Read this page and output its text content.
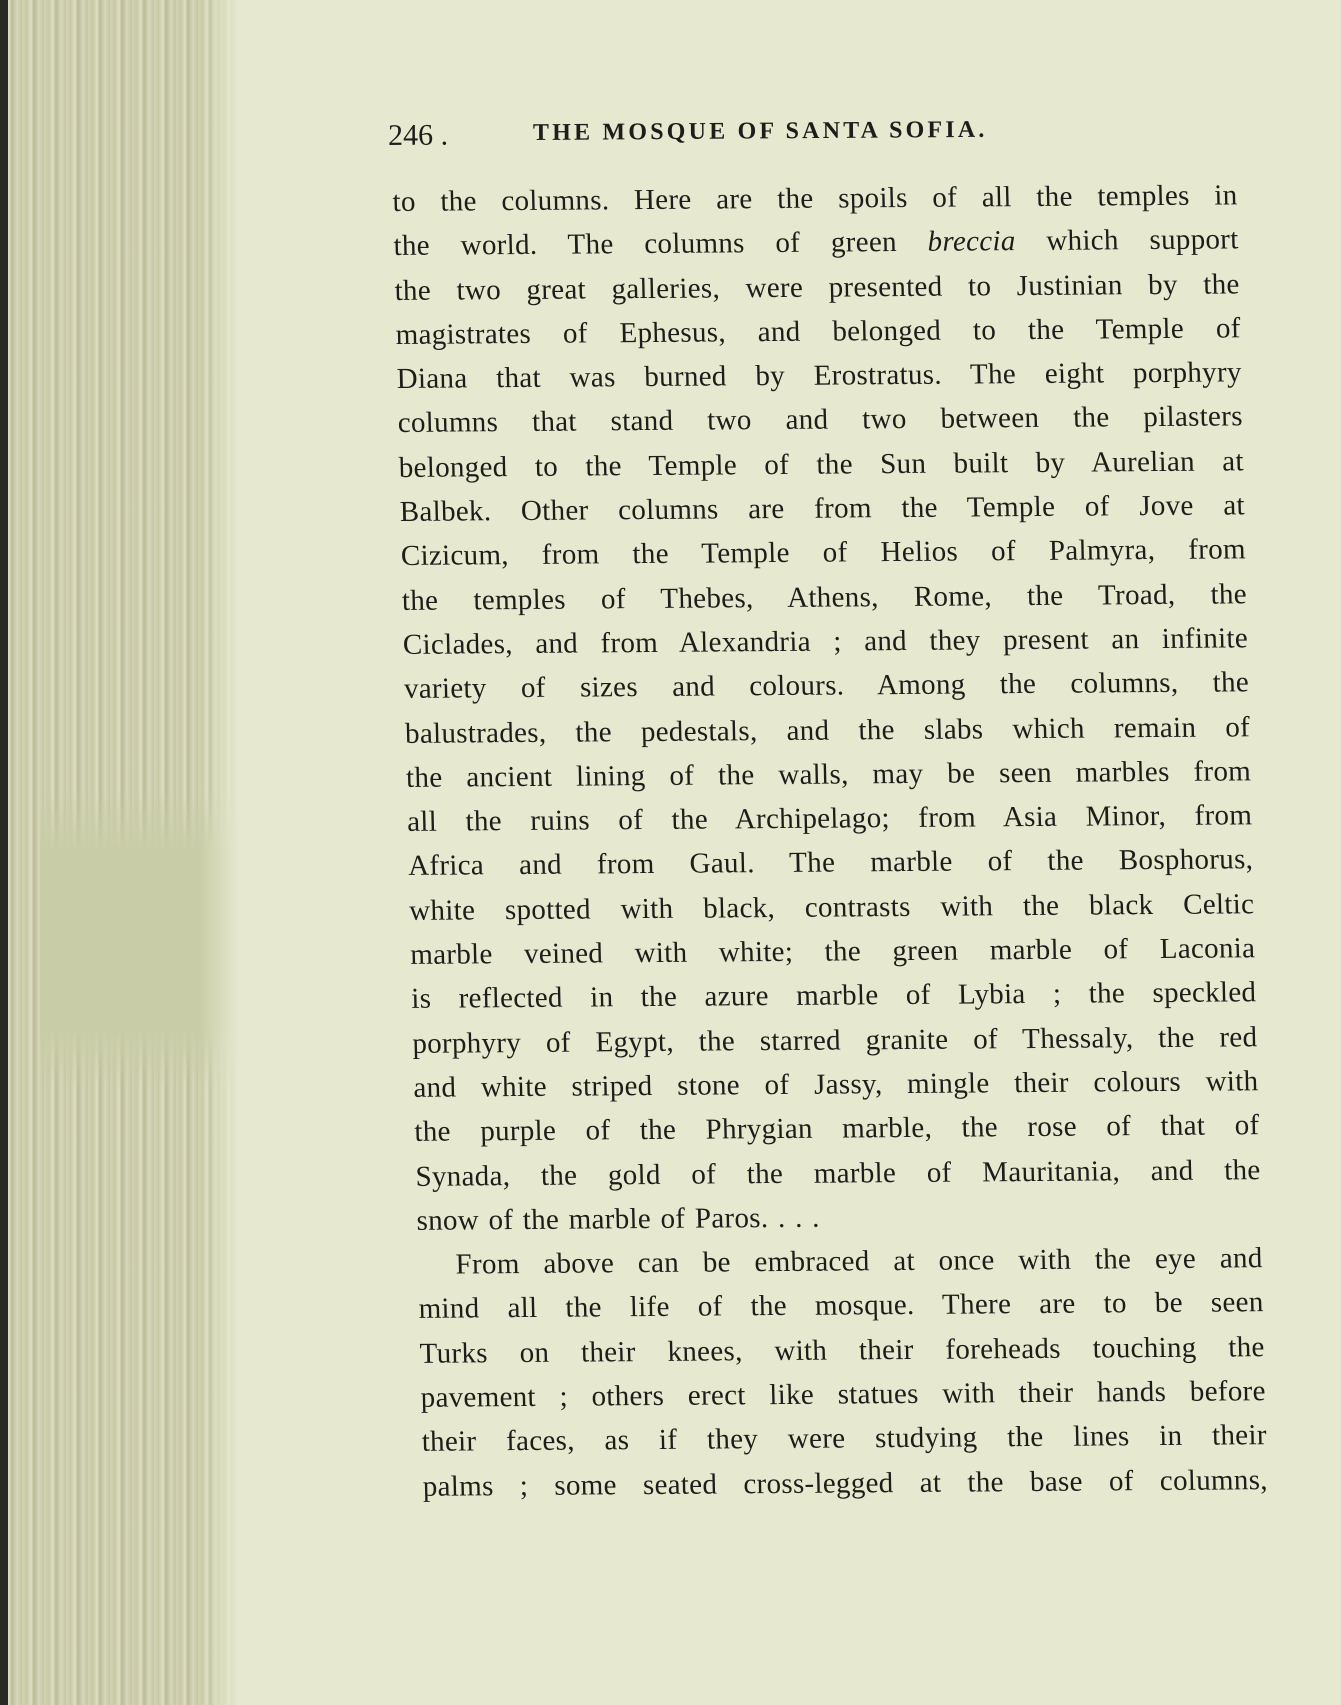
246 .	THE MOSQUE OF SANTA SOFIA.
to the columns. Here are the spoils of all the temples in
the world. The columns of green breccia which support
the two great galleries, were presented to Justinian by the
magistrates of Ephesus, and belonged to the Temple of
Diana that was burned by Erostratus. The eight porphyry
columns that stand two and two between the pilasters
belonged to the Temple of the Sun built by Aurelian at
Balbek. Other columns are from the Temple of Jove at
Cizicum, from the Temple of Helios of Palmyra, from
the temples of Thebes, Athens, Rome, the Troad, the
Ciclades, and from Alexandria ; and they present an infinite
variety of sizes and colours. Among the columns, the
balustrades, the pedestals, and the slabs which remain of
the ancient lining of the walls, may be seen marbles from
all the ruins of the Archipelago; from Asia Minor, from
Africa and from Gaul. The marble of the Bosphorus,
white spotted with black, contrasts with the black Celtic
marble veined with white; the green marble of Laconia
is reflected in the azure marble of Lybia ; the speckled
porphyry of Egypt, the starred granite of Thessaly, the red
and white striped stone of Jassy, mingle their colours with
the purple of the Phrygian marble, the rose of that of
Synada, the gold of the marble of Mauritania, and the
snow of the marble of Paros. . . .
From above can be embraced at once with the eye and
mind all the life of the mosque. There are to be seen
Turks on their knees, with their foreheads touching the
pavement ; others erect like statues with their hands before
their faces, as if they were studying the lines in their
palms ; some seated cross-legged at the base of columns,
